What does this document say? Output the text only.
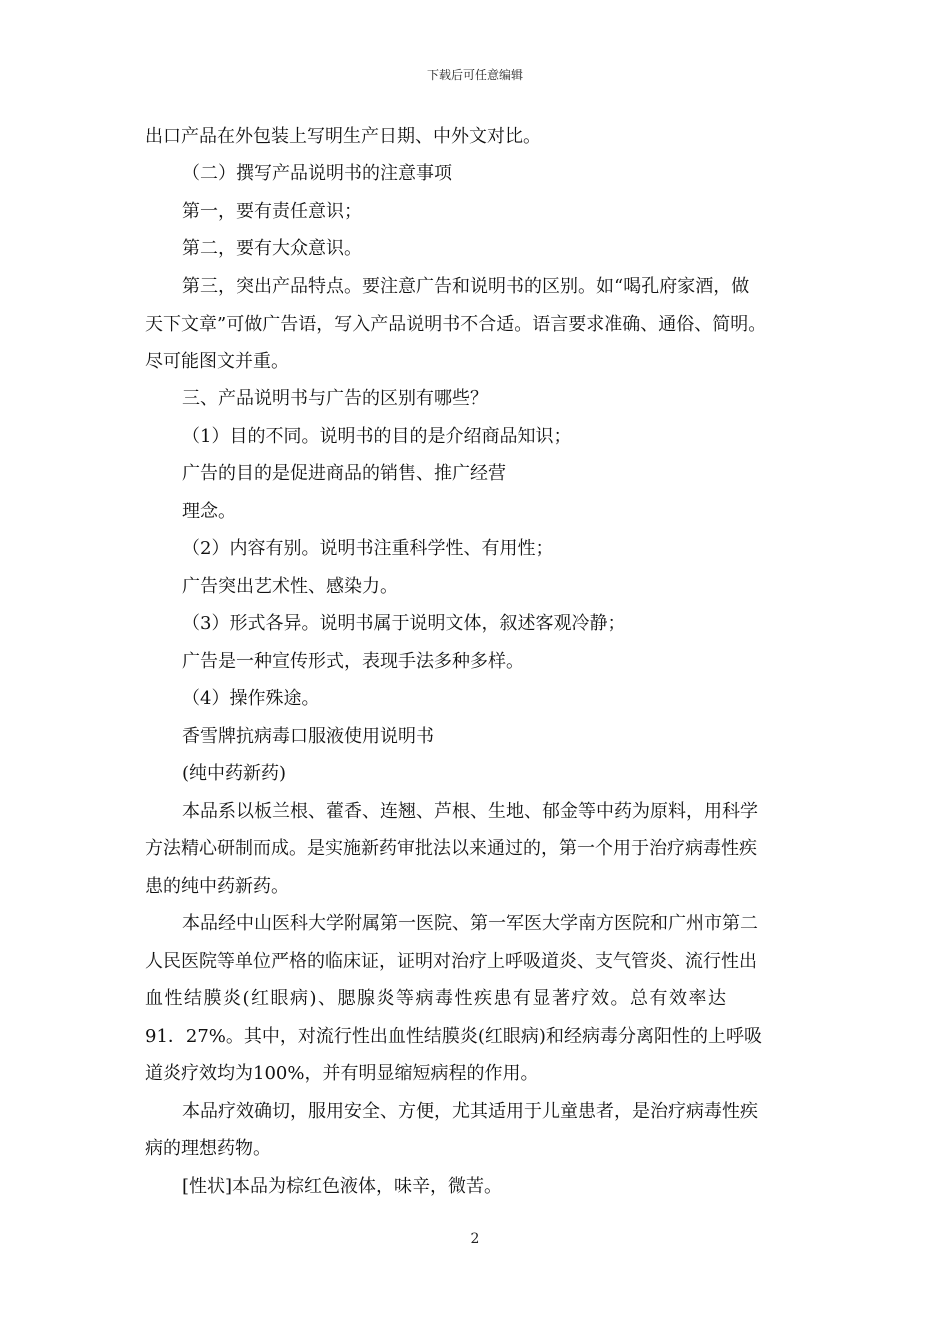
下载后可任意编辑
出口产品在外包装上写明生产日期、中外文对比。
（二）撰写产品说明书的注意事项
第一，要有责任意识；
第二，要有大众意识。
第三，突出产品特点。要注意广告和说明书的区别。如“喝孔府家酒，做
天下文章”可做广告语，写入产品说明书不合适。语言要求准确、通俗、简明。
尽可能图文并重。
三、产品说明书与广告的区别有哪些？
（1）目的不同。说明书的目的是介绍商品知识；
广告的目的是促进商品的销售、推广经营
理念。
（2）内容有别。说明书注重科学性、有用性；
广告突出艺术性、感染力。
（3）形式各异。说明书属于说明文体，叙述客观冷静；
广告是一种宣传形式，表现手法多种多样。
（4）操作殊途。
香雪牌抗病毒口服液使用说明书
(纯中药新药)
本品系以板兰根、藿香、连翘、芦根、生地、郁金等中药为原料，用科学
方法精心研制而成。是实施新药审批法以来通过的，第一个用于治疗病毒性疾
患的纯中药新药。
本品经中山医科大学附属第一医院、第一军医大学南方医院和广州市第二
人民医院等单位严格的临床证，证明对治疗上呼吸道炎、支气管炎、流行性出
血性结膜炎(红眼病)、腮腺炎等病毒性疾患有显著疗效。总有效率达
91．27%。其中，对流行性出血性结膜炎(红眼病)和经病毒分离阳性的上呼吸
道炎疗效均为100%，并有明显缩短病程的作用。
本品疗效确切，服用安全、方便，尤其适用于儿童患者，是治疗病毒性疾
病的理想药物。
[性状]本品为棕红色液体，味辛，微苦。
2
